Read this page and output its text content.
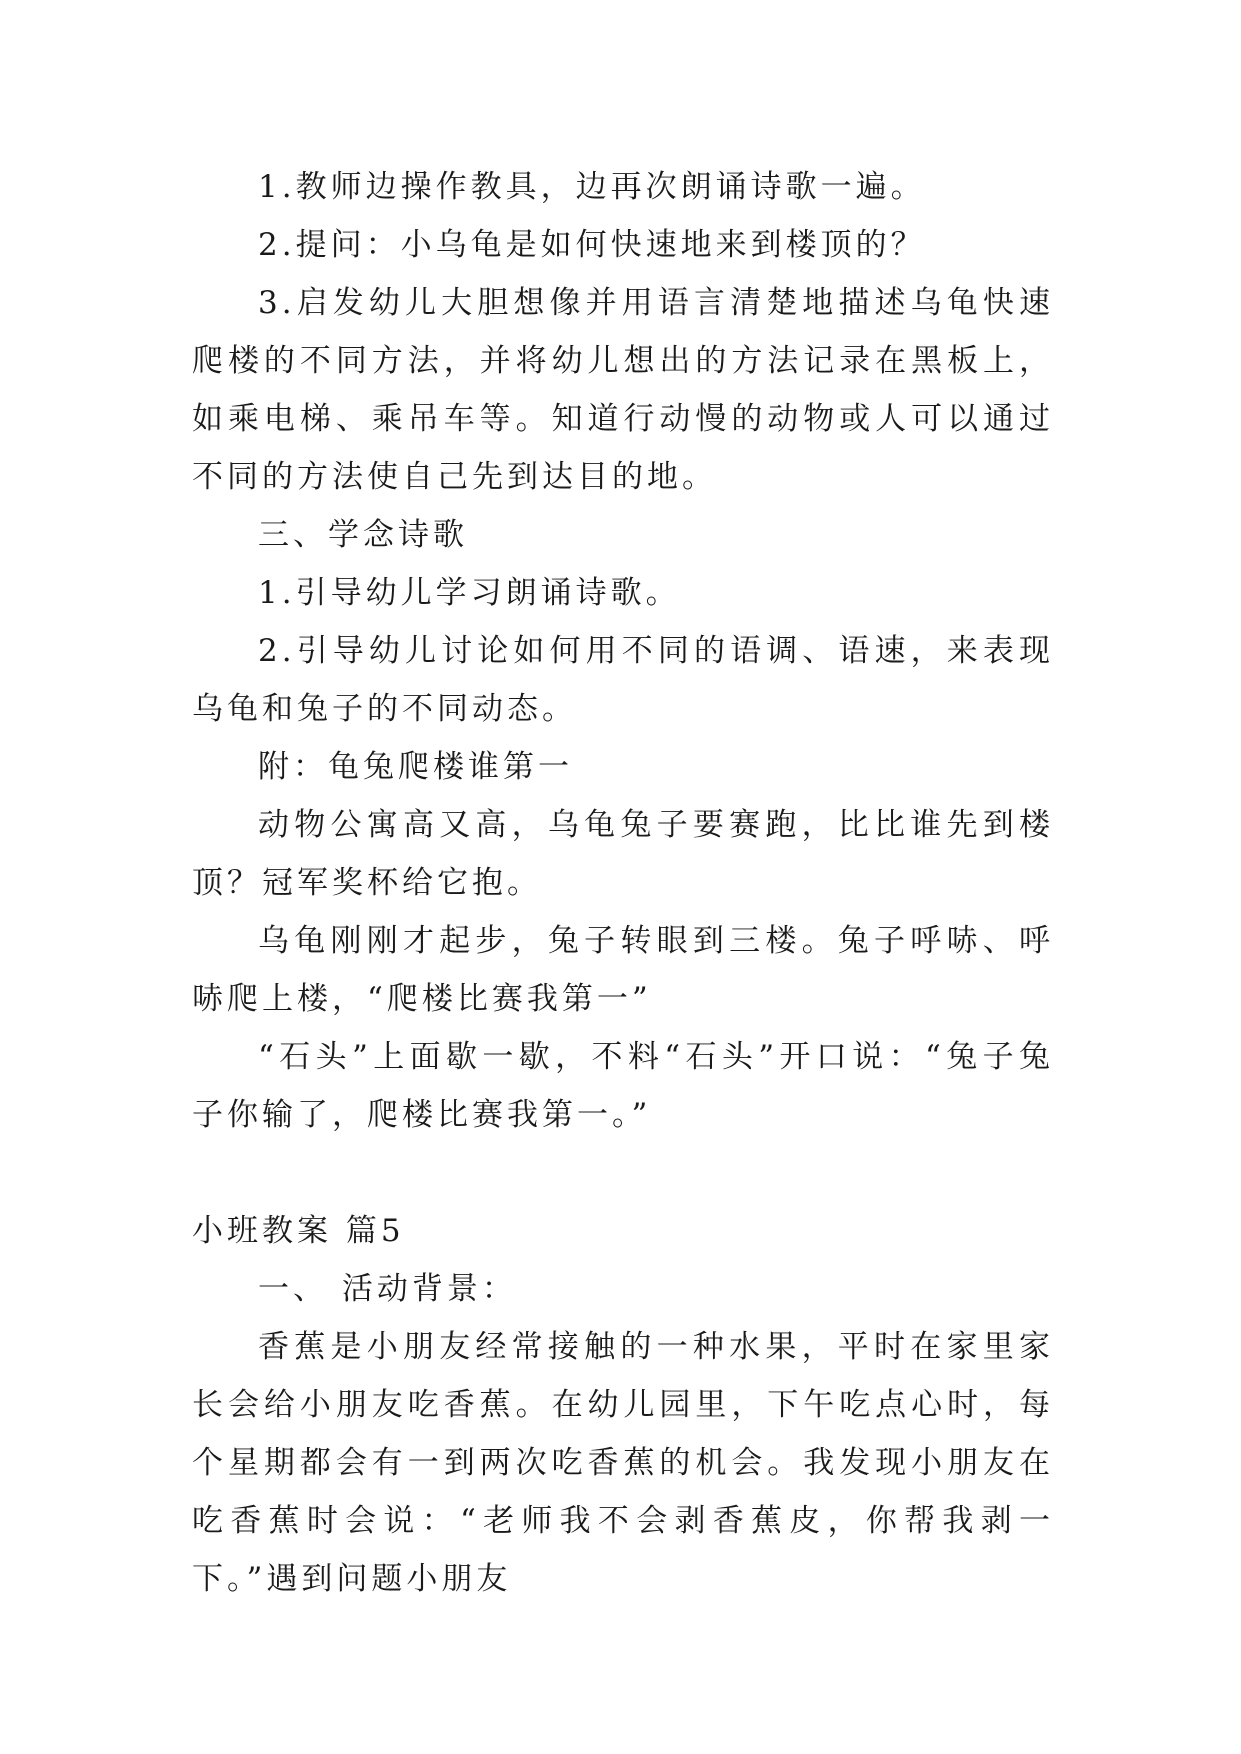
1.教师边操作教具，边再次朗诵诗歌一遍。

2.提问：小乌龟是如何快速地来到楼顶的？

3.启发幼儿大胆想像并用语言清楚地描述乌龟快速爬楼的不同方法，并将幼儿想出的方法记录在黑板上，如乘电梯、乘吊车等。知道行动慢的动物或人可以通过不同的方法使自己先到达目的地。

三、学念诗歌

1.引导幼儿学习朗诵诗歌。

2.引导幼儿讨论如何用不同的语调、语速，来表现乌龟和兔子的不同动态。

附：龟兔爬楼谁第一

动物公寓高又高，乌龟兔子要赛跑，比比谁先到楼顶？冠军奖杯给它抱。

乌龟刚刚才起步，兔子转眼到三楼。兔子呼哧、呼哧爬上楼，“爬楼比赛我第一”

“石头”上面歇一歇，不料“石头”开口说：“兔子兔子你输了，爬楼比赛我第一。”

小班教案 篇5

一、 活动背景：

香蕉是小朋友经常接触的一种水果，平时在家里家长会给小朋友吃香蕉。在幼儿园里，下午吃点心时，每个星期都会有一到两次吃香蕉的机会。我发现小朋友在吃香蕉时会说：“老师我不会剥香蕉皮，你帮我剥一下。”遇到问题小朋友
